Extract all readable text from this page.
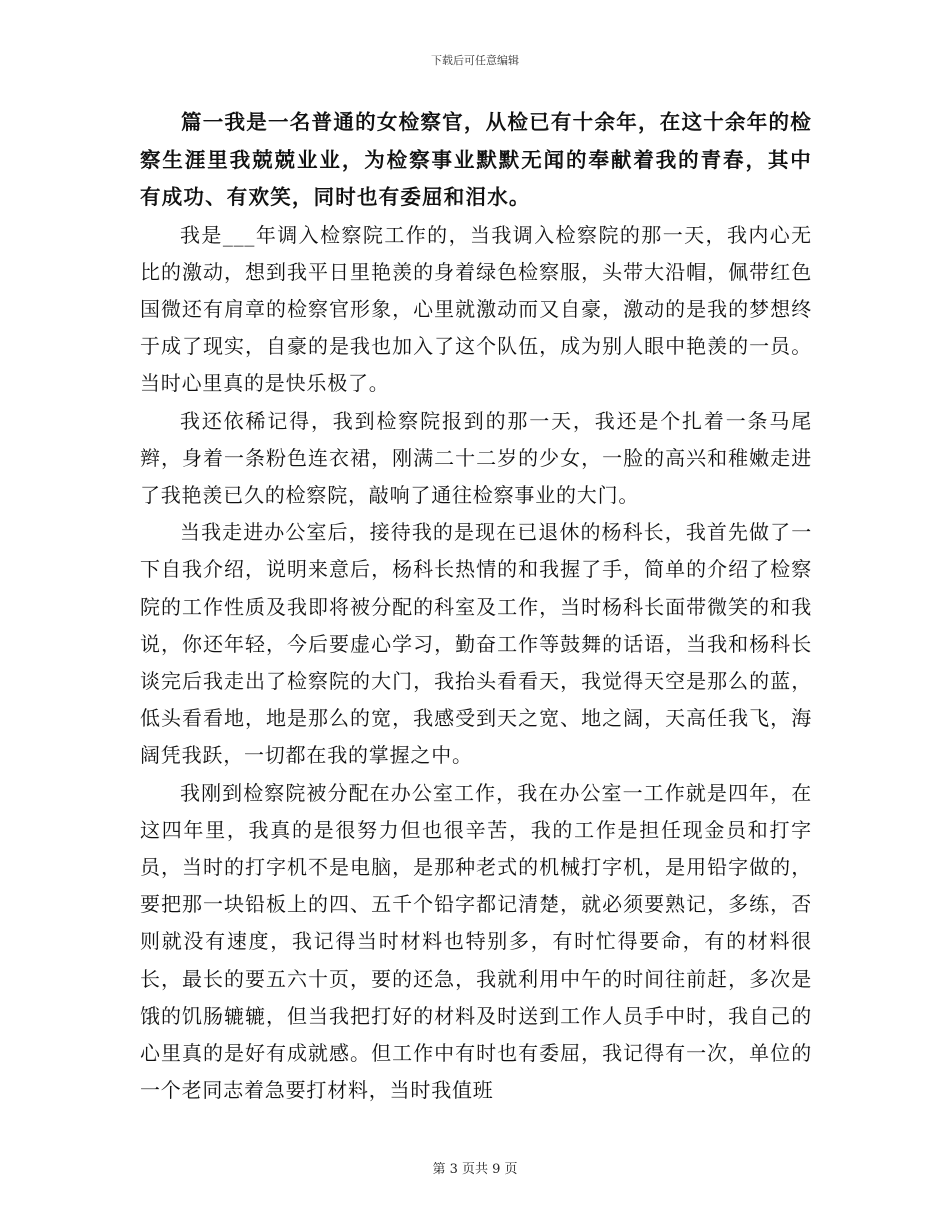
下载后可任意编辑

篇一我是一名普通的女检察官，从检已有十余年，在这十余年的检察生涯里我兢兢业业，为检察事业默默无闻的奉献着我的青春，其中有成功、有欢笑，同时也有委屈和泪水。

我是___年调入检察院工作的，当我调入检察院的那一天，我内心无比的激动，想到我平日里艳羡的身着绿色检察服，头带大沿帽，佩带红色国微还有肩章的检察官形象，心里就激动而又自豪，激动的是我的梦想终于成了现实，自豪的是我也加入了这个队伍，成为别人眼中艳羡的一员。当时心里真的是快乐极了。

我还依稀记得，我到检察院报到的那一天，我还是个扎着一条马尾辫，身着一条粉色连衣裙，刚满二十二岁的少女，一脸的高兴和稚嫩走进了我艳羡已久的检察院，敲响了通往检察事业的大门。

当我走进办公室后，接待我的是现在已退休的杨科长，我首先做了一下自我介绍，说明来意后，杨科长热情的和我握了手，简单的介绍了检察院的工作性质及我即将被分配的科室及工作，当时杨科长面带微笑的和我说，你还年轻，今后要虚心学习，勤奋工作等鼓舞的话语，当我和杨科长谈完后我走出了检察院的大门，我抬头看看天，我觉得天空是那么的蓝，低头看看地，地是那么的宽，我感受到天之宽、地之阔，天高任我飞，海阔凭我跃，一切都在我的掌握之中。

我刚到检察院被分配在办公室工作，我在办公室一工作就是四年，在这四年里，我真的是很努力但也很辛苦，我的工作是担任现金员和打字员，当时的打字机不是电脑，是那种老式的机械打字机，是用铅字做的，要把那一块铅板上的四、五千个铅字都记清楚，就必须要熟记，多练，否则就没有速度，我记得当时材料也特别多，有时忙得要命，有的材料很长，最长的要五六十页，要的还急，我就利用中午的时间往前赶，多次是饿的饥肠辘辘，但当我把打好的材料及时送到工作人员手中时，我自己的心里真的是好有成就感。但工作中有时也有委屈，我记得有一次，单位的一个老同志着急要打材料，当时我值班

第 3 页共 9 页
